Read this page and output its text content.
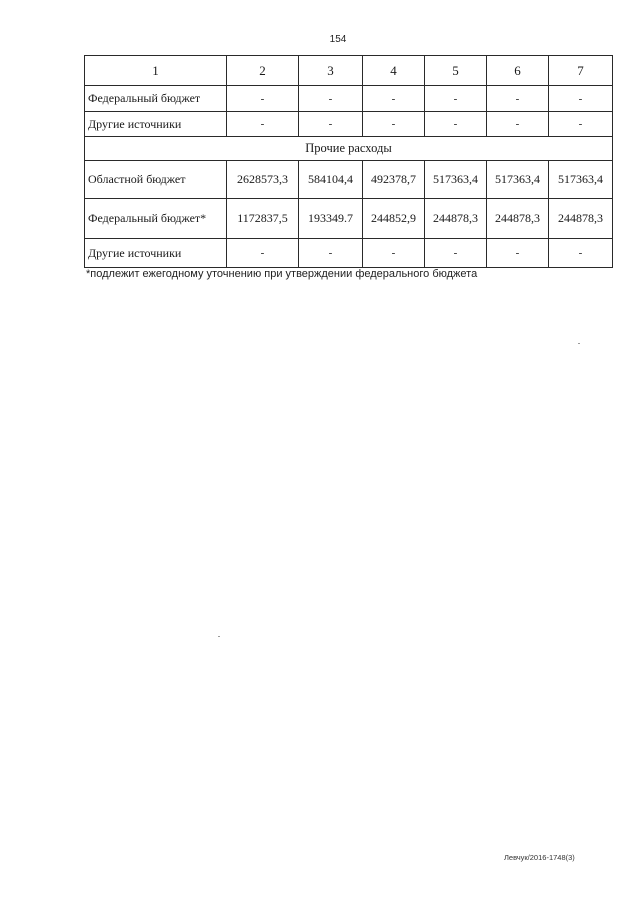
154
1	2	3	4	5	6	7
Федеральный бюджет	-	-	-	-	-	-
Другие источники	-	-	-	-	-	-
Прочие расходы						
Областной бюджет	2628573,3	584104,4	492378,7	517363,4	517363,4	517363,4
Федеральный бюджет*	1172837,5	193349.7	244852,9	244878,3	244878,3	244878,3
Другие источники	-	-	-	-	-	-
*подлежит ежегодному уточнению при утверждении федерального бюджета
Левчук/2016-1748(3)
